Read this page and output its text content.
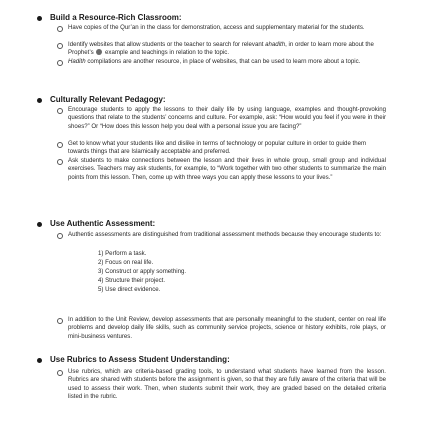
Build a Resource-Rich Classroom:
Have copies of the Qur’an in the class for demonstration, access and supplementary material for the students.
Identify websites that allow students or the teacher to search for relevant ahadith, in order to learn more about the Prophet’s  example and teachings in relation to the topic.
Hadith compilations are another resource, in place of websites, that can be used to learn more about a topic.
Culturally Relevant Pedagogy:
Encourage students to apply the lessons to their daily life by using language, examples and thought-provoking questions that relate to the students’ concerns and culture. For example, ask: “How would you feel if you were in their shoes?” Or “How does this lesson help you deal with a personal issue you are facing?”
Get to know what your students like and dislike in terms of technology or popular culture in order to guide them towards things that are Islamically acceptable and preferred.
Ask students to make connections between the lesson and their lives in whole group, small group and individual exercises. Teachers may ask students, for example, to “Work together with two other students to summarize the main points from this lesson. Then, come up with three ways you can apply these lessons to your lives.”
Use Authentic Assessment:
Authentic assessments are distinguished from traditional assessment methods because they encourage students to:
1) Perform a task.
2) Focus on real life.
3) Construct or apply something.
4) Structure their project.
5) Use direct evidence.
In addition to the Unit Review, develop assessments that are personally meaningful to the student, center on real life problems and develop daily life skills, such as community service projects, science or history exhibits, role plays, or mini-business ventures.
Use Rubrics to Assess Student Understanding:
Use rubrics, which are criteria-based grading tools, to understand what students have learned from the lesson. Rubrics are shared with students before the assignment is given, so that they are fully aware of the criteria that will be used to assess their work. Then, when students submit their work, they are graded based on the detailed criteria listed in the rubric.
